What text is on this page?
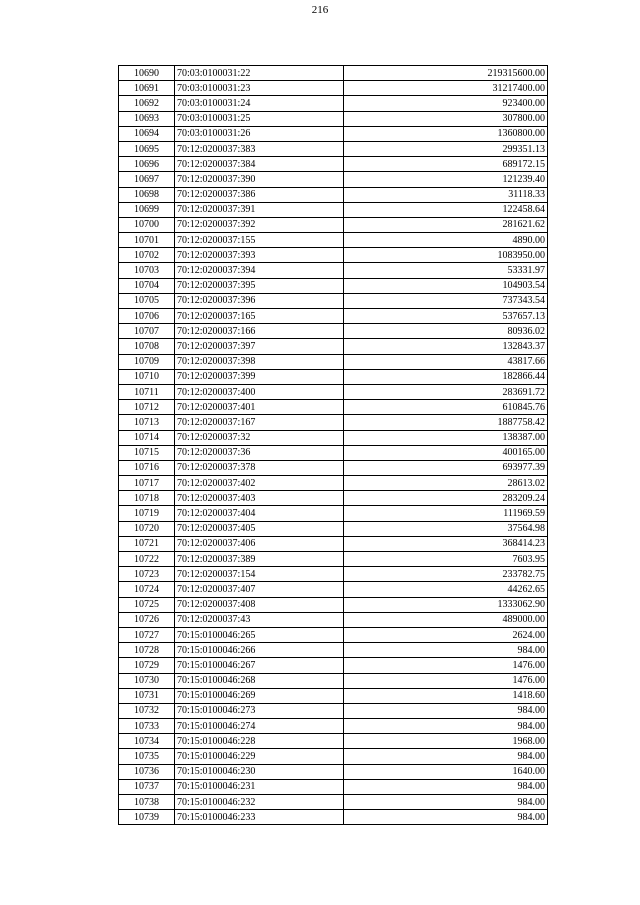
216
10690	70:03:0100031:22	219315600.00
10691	70:03:0100031:23	31217400.00
10692	70:03:0100031:24	923400.00
10693	70:03:0100031:25	307800.00
10694	70:03:0100031:26	1360800.00
10695	70:12:0200037:383	299351.13
10696	70:12:0200037:384	689172.15
10697	70:12:0200037:390	121239.40
10698	70:12:0200037:386	31118.33
10699	70:12:0200037:391	122458.64
10700	70:12:0200037:392	281621.62
10701	70:12:0200037:155	4890.00
10702	70:12:0200037:393	1083950.00
10703	70:12:0200037:394	53331.97
10704	70:12:0200037:395	104903.54
10705	70:12:0200037:396	737343.54
10706	70:12:0200037:165	537657.13
10707	70:12:0200037:166	80936.02
10708	70:12:0200037:397	132843.37
10709	70:12:0200037:398	43817.66
10710	70:12:0200037:399	182866.44
10711	70:12:0200037:400	283691.72
10712	70:12:0200037:401	610845.76
10713	70:12:0200037:167	1887758.42
10714	70:12:0200037:32	138387.00
10715	70:12:0200037:36	400165.00
10716	70:12:0200037:378	693977.39
10717	70:12:0200037:402	28613.02
10718	70:12:0200037:403	283209.24
10719	70:12:0200037:404	111969.59
10720	70:12:0200037:405	37564.98
10721	70:12:0200037:406	368414.23
10722	70:12:0200037:389	7603.95
10723	70:12:0200037:154	233782.75
10724	70:12:0200037:407	44262.65
10725	70:12:0200037:408	1333062.90
10726	70:12:0200037:43	489000.00
10727	70:15:0100046:265	2624.00
10728	70:15:0100046:266	984.00
10729	70:15:0100046:267	1476.00
10730	70:15:0100046:268	1476.00
10731	70:15:0100046:269	1418.60
10732	70:15:0100046:273	984.00
10733	70:15:0100046:274	984.00
10734	70:15:0100046:228	1968.00
10735	70:15:0100046:229	984.00
10736	70:15:0100046:230	1640.00
10737	70:15:0100046:231	984.00
10738	70:15:0100046:232	984.00
10739	70:15:0100046:233	984.00
